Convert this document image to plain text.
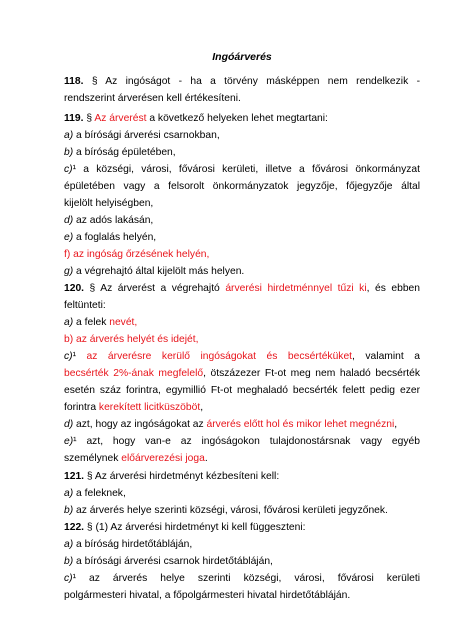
Ingóárverés
118. § Az ingóságot - ha a törvény másképpen nem rendelkezik -
rendszerint árverésen kell értékesíteni.
119. § Az árverést a következő helyeken lehet megtartani:
a) a bírósági árverési csarnokban,
b) a bíróság épületében,
c)¹ a községi, városi, fővárosi kerületi, illetve a fővárosi önkormányzat
épületében vagy a felsorolt önkormányzatok jegyzője, főjegyzője által
kijelölt helyiségben,
d) az adós lakásán,
e) a foglalás helyén,
f) az ingóság őrzésének helyén,
g) a végrehajtó által kijelölt más helyen.
120. § Az árverést a végrehajtó árverési hirdetménnyel tűzi ki, és ebben
feltünteti:
a) a felek nevét,
b) az árverés helyét és idejét,
c)¹ az árverésre kerülő ingóságokat és becsértéküket, valamint a
becsérték 2%-ának megfelelő, ötszázezer Ft-ot meg nem haladó becsérték
esetén száz forintra, egymillió Ft-ot meghaladó becsérték felett pedig ezer
forintra kerekített licitküszöböt,
d) azt, hogy az ingóságokat az árverés előtt hol és mikor lehet megnézni,
e)¹ azt, hogy van-e az ingóságokon tulajdonostársnak vagy egyéb
személynek előárverezési joga.
121. § Az árverési hirdetményt kézbesíteni kell:
a) a feleknek,
b) az árverés helye szerinti községi, városi, fővárosi kerületi jegyzőnek.
122. § (1) Az árverési hirdetményt ki kell függeszteni:
a) a bíróság hirdetőtábláján,
b) a bírósági árverési csarnok hirdetőtábláján,
c)¹ az árverés helye szerinti községi, városi, fővárosi kerületi
polgármesteri hivatal, a főpolgármesteri hivatal hirdetőtábláján.
